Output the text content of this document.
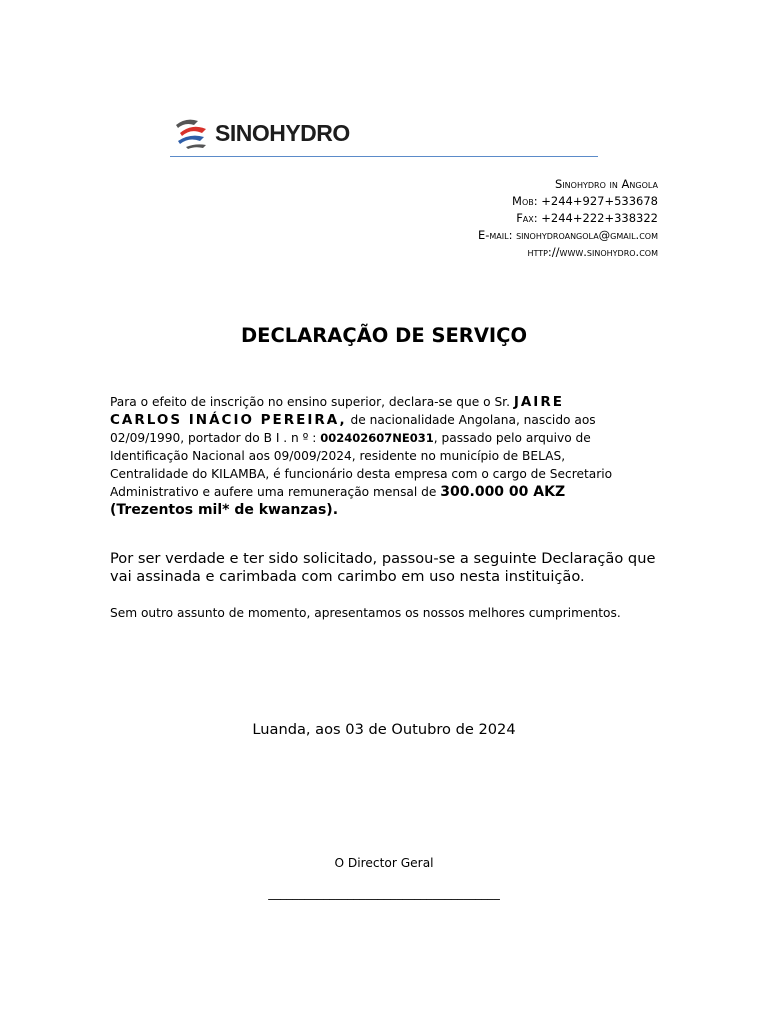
SINOHYDRO
Sinohydro in Angola
Mob: +244+927+533678
Fax: +244+222+338322
E-mail: sinohydroangola@gmail.com
http://www.sinohydro.com
DECLARAÇÃO DE SERVIÇO
Para o efeito de inscrição no ensino superior, declara-se que o Sr. JAIRE CARLOS INÁCIO PEREIRA, de nacionalidade Angolana, nascido aos 02/09/1990, portador do B I . n º : 002402607NE031, passado pelo arquivo de Identificação Nacional aos 09/009/2024, residente no município de BELAS, Centralidade do KILAMBA, é funcionário desta empresa com o cargo de Secretario Administrativo e aufere uma remuneração mensal de 300.000 00 AKZ (Trezentos mil* de kwanzas).
Por ser verdade e ter sido solicitado, passou-se a seguinte Declaração que vai assinada e carimbada com carimbo em uso nesta instituição.
Sem outro assunto de momento, apresentamos os nossos melhores cumprimentos.
Luanda, aos 03 de Outubro de 2024
O Director Geral
______________________________________
